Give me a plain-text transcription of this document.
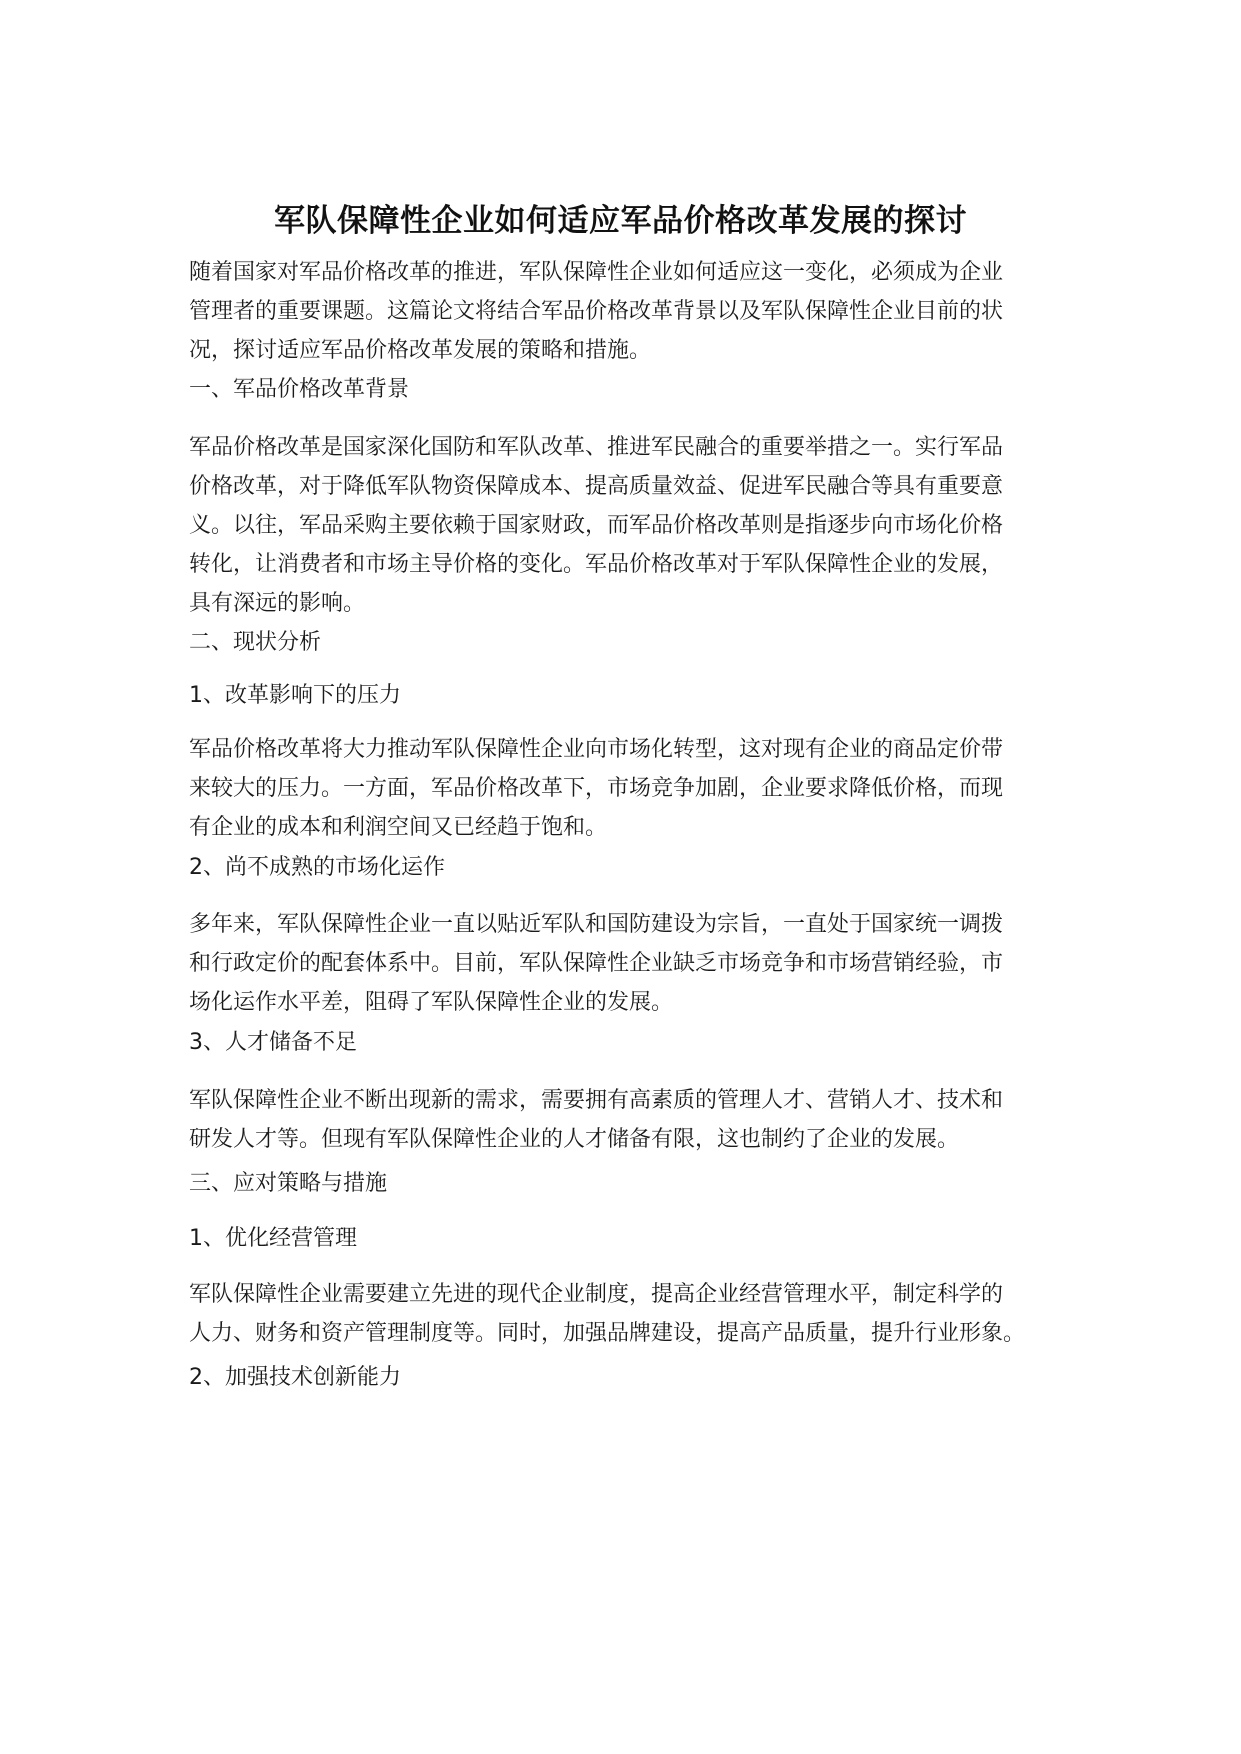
军队保障性企业如何适应军品价格改革发展的探讨
随着国家对军品价格改革的推进，军队保障性企业如何适应这一变化，必须成为企业
管理者的重要课题。这篇论文将结合军品价格改革背景以及军队保障性企业目前的状
况，探讨适应军品价格改革发展的策略和措施。
一、军品价格改革背景
军品价格改革是国家深化国防和军队改革、推进军民融合的重要举措之一。实行军品
价格改革，对于降低军队物资保障成本、提高质量效益、促进军民融合等具有重要意
义。以往，军品采购主要依赖于国家财政，而军品价格改革则是指逐步向市场化价格
转化，让消费者和市场主导价格的变化。军品价格改革对于军队保障性企业的发展，
具有深远的影响。
二、现状分析
1、改革影响下的压力
军品价格改革将大力推动军队保障性企业向市场化转型，这对现有企业的商品定价带
来较大的压力。一方面，军品价格改革下，市场竞争加剧，企业要求降低价格，而现
有企业的成本和利润空间又已经趋于饱和。
2、尚不成熟的市场化运作
多年来，军队保障性企业一直以贴近军队和国防建设为宗旨，一直处于国家统一调拨
和行政定价的配套体系中。目前，军队保障性企业缺乏市场竞争和市场营销经验，市
场化运作水平差，阻碍了军队保障性企业的发展。
3、人才储备不足
军队保障性企业不断出现新的需求，需要拥有高素质的管理人才、营销人才、技术和
研发人才等。但现有军队保障性企业的人才储备有限，这也制约了企业的发展。
三、应对策略与措施
1、优化经营管理
军队保障性企业需要建立先进的现代企业制度，提高企业经营管理水平，制定科学的
人力、财务和资产管理制度等。同时，加强品牌建设，提高产品质量，提升行业形象。
2、加强技术创新能力
